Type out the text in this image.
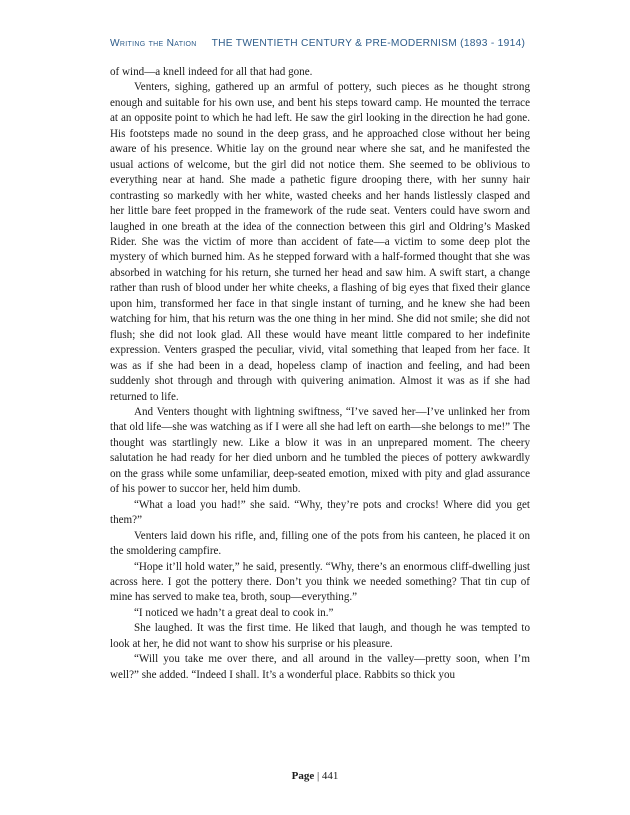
Writing the Nation THE TWENTIETH CENTURY & PRE-MODERNISM (1893 - 1914)

of wind—a knell indeed for all that had gone.

Venters, sighing, gathered up an armful of pottery, such pieces as he thought strong enough and suitable for his own use, and bent his steps toward camp. He mounted the terrace at an opposite point to which he had left. He saw the girl looking in the direction he had gone. His footsteps made no sound in the deep grass, and he approached close without her being aware of his presence. Whitie lay on the ground near where she sat, and he manifested the usual actions of welcome, but the girl did not notice them. She seemed to be oblivious to everything near at hand. She made a pathetic figure drooping there, with her sunny hair contrasting so markedly with her white, wasted cheeks and her hands listlessly clasped and her little bare feet propped in the framework of the rude seat. Venters could have sworn and laughed in one breath at the idea of the connection between this girl and Oldring’s Masked Rider. She was the victim of more than accident of fate—a victim to some deep plot the mystery of which burned him. As he stepped forward with a half-formed thought that she was absorbed in watching for his return, she turned her head and saw him. A swift start, a change rather than rush of blood under her white cheeks, a flashing of big eyes that fixed their glance upon him, transformed her face in that single instant of turning, and he knew she had been watching for him, that his return was the one thing in her mind. She did not smile; she did not flush; she did not look glad. All these would have meant little compared to her indefinite expression. Venters grasped the peculiar, vivid, vital something that leaped from her face. It was as if she had been in a dead, hopeless clamp of inaction and feeling, and had been suddenly shot through and through with quivering animation. Almost it was as if she had returned to life.

And Venters thought with lightning swiftness, “I’ve saved her—I’ve unlinked her from that old life—she was watching as if I were all she had left on earth—she belongs to me!” The thought was startlingly new. Like a blow it was in an unprepared moment. The cheery salutation he had ready for her died unborn and he tumbled the pieces of pottery awkwardly on the grass while some unfamiliar, deep-seated emotion, mixed with pity and glad assurance of his power to succor her, held him dumb.

“What a load you had!” she said. “Why, they’re pots and crocks! Where did you get them?”

Venters laid down his rifle, and, filling one of the pots from his canteen, he placed it on the smoldering campfire.

“Hope it’ll hold water,” he said, presently. “Why, there’s an enormous cliff-dwelling just across here. I got the pottery there. Don’t you think we needed something? That tin cup of mine has served to make tea, broth, soup—everything.”

“I noticed we hadn’t a great deal to cook in.”

She laughed. It was the first time. He liked that laugh, and though he was tempted to look at her, he did not want to show his surprise or his pleasure.

“Will you take me over there, and all around in the valley—pretty soon, when I’m well?” she added. “Indeed I shall. It’s a wonderful place. Rabbits so thick you

Page | 441
